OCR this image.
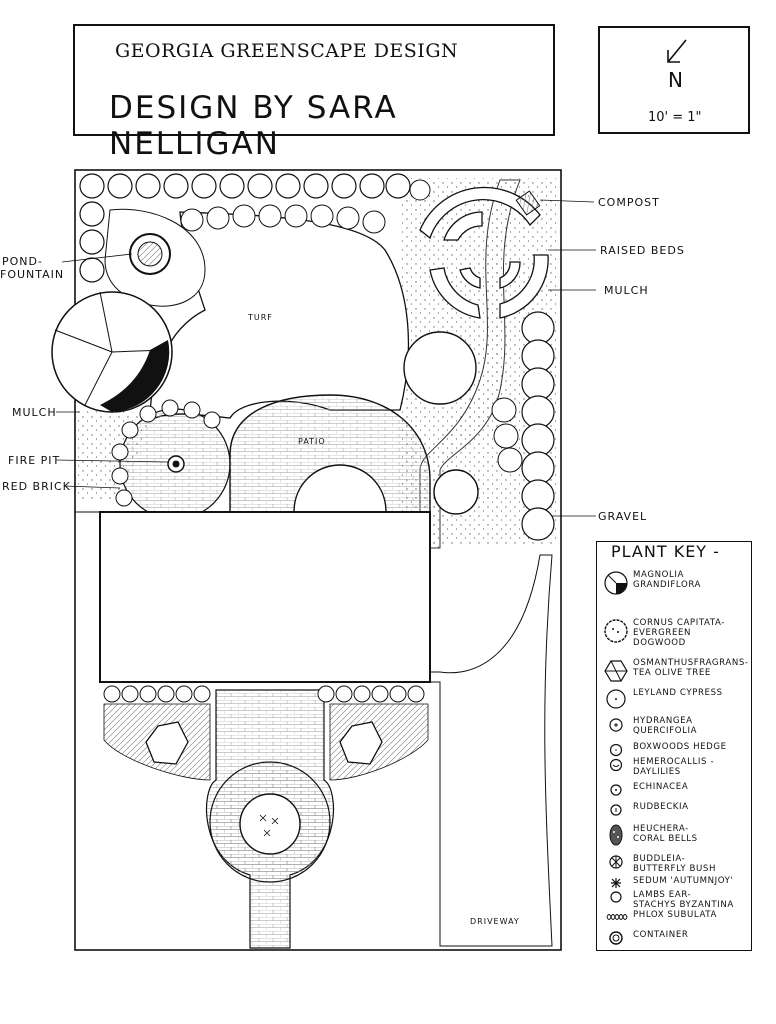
GEORGIA GREENSCAPE DESIGN
DESIGN BY SARA NELLIGAN
N
10' = 1"
TURF
PATIO
DRIVEWAY
POND-
FOUNTAIN
MULCH
FIRE PIT
RED BRICK
COMPOST
RAISED BEDS
MULCH
GRAVEL
PLANT KEY -
MAGNOLIA
GRANDIFLORA
CORNUS CAPITATA-
EVERGREEN
DOGWOOD
OSMANTHUSFRAGRANS-
TEA OLIVE TREE
LEYLAND CYPRESS
HYDRANGEA
QUERCIFOLIA
BOXWOODS HEDGE
HEMEROCALLIS -
DAYLILIES
ECHINACEA
RUDBECKIA
HEUCHERA-
CORAL BELLS
BUDDLEIA-
BUTTERFLY BUSH
SEDUM 'AUTUMNJOY'
LAMBS EAR-
STACHYS BYZANTINA
PHLOX SUBULATA
CONTAINER
